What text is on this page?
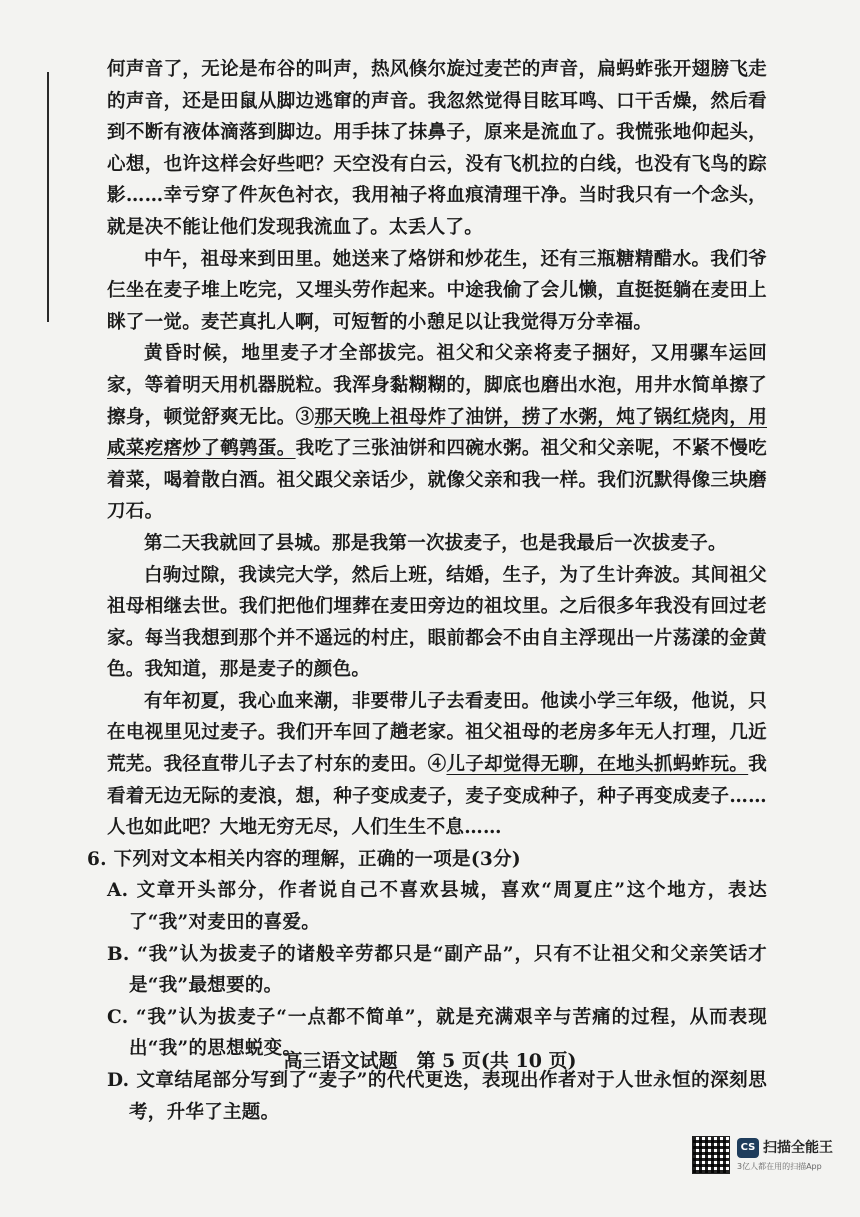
何声音了，无论是布谷的叫声，热风倏尔旋过麦芒的声音，扁蚂蚱张开翅膀飞走的声音，还是田鼠从脚边逃窜的声音。我忽然觉得目眩耳鸣、口干舌燥，然后看到不断有液体滴落到脚边。用手抹了抹鼻子，原来是流血了。我慌张地仰起头，心想，也许这样会好些吧？天空没有白云，没有飞机拉的白线，也没有飞鸟的踪影……幸亏穿了件灰色衬衣，我用袖子将血痕清理干净。当时我只有一个念头，就是决不能让他们发现我流血了。太丢人了。

中午，祖母来到田里。她送来了烙饼和炒花生，还有三瓶糖精醋水。我们爷仨坐在麦子堆上吃完，又埋头劳作起来。中途我偷了会儿懒，直挺挺躺在麦田上眯了一觉。麦芒真扎人啊，可短暂的小憩足以让我觉得万分幸福。

黄昏时候，地里麦子才全部拔完。祖父和父亲将麦子捆好，又用骡车运回家，等着明天用机器脱粒。我浑身黏糊糊的，脚底也磨出水泡，用井水简单擦了擦身，顿觉舒爽无比。③那天晚上祖母炸了油饼，捞了水粥，炖了锅红烧肉，用咸菜疙瘩炒了鹌鹑蛋。我吃了三张油饼和四碗水粥。祖父和父亲呢，不紧不慢吃着菜，喝着散白酒。祖父跟父亲话少，就像父亲和我一样。我们沉默得像三块磨刀石。

第二天我就回了县城。那是我第一次拔麦子，也是我最后一次拔麦子。

白驹过隙，我读完大学，然后上班，结婚，生子，为了生计奔波。其间祖父祖母相继去世。我们把他们埋葬在麦田旁边的祖坟里。之后很多年我没有回过老家。每当我想到那个并不遥远的村庄，眼前都会不由自主浮现出一片荡漾的金黄色。我知道，那是麦子的颜色。

有年初夏，我心血来潮，非要带儿子去看麦田。他读小学三年级，他说，只在电视里见过麦子。我们开车回了趟老家。祖父祖母的老房多年无人打理，几近荒芜。我径直带儿子去了村东的麦田。④儿子却觉得无聊，在地头抓蚂蚱玩。我看着无边无际的麦浪，想，种子变成麦子，麦子变成种子，种子再变成麦子……人也如此吧？大地无穷无尽，人们生生不息……

6. 下列对文本相关内容的理解，正确的一项是(3分)

A. 文章开头部分，作者说自己不喜欢县城，喜欢“周夏庄”这个地方，表达了“我”对麦田的喜爱。

B. “我”认为拔麦子的诸般辛劳都只是“副产品”，只有不让祖父和父亲笑话才是“我”最想要的。

C. “我”认为拔麦子“一点都不简单”，就是充满艰辛与苦痛的过程，从而表现出“我”的思想蜕变。

D. 文章结尾部分写到了“麦子”的代代更迭，表现出作者对于人世永恒的深刻思考，升华了主题。

高三语文试题　第 5 页(共 10 页)
CS 扫描全能王
3亿人都在用的扫描App
